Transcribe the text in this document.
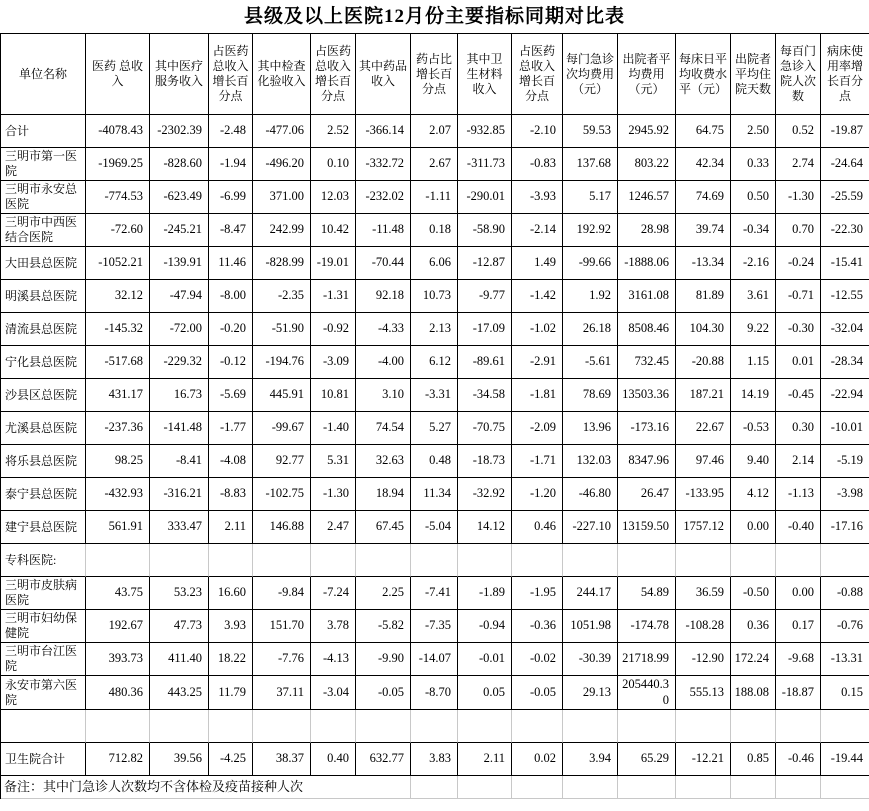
县级及以上医院12月份主要指标同期对比表
单位名称	医药 总收入	其中医疗服务收入	占医药总收入增长百分点	其中检查化验收入	占医药总收入增长百分点	其中药品收入	药占比增长百分点	其中卫生材料收入	占医药总收入增长百分点	每门急诊次均费用（元）	出院者平均费用（元）	每床日平均收费水平（元）	出院者平均住院天数	每百门急诊入院人次数	病床使用率增长百分点
合计	-4078.43	-2302.39	-2.48	-477.06	2.52	-366.14	2.07	-932.85	-2.10	59.53	2945.92	64.75	2.50	0.52	-19.87
三明市第一医院	-1969.25	-828.60	-1.94	-496.20	0.10	-332.72	2.67	-311.73	-0.83	137.68	803.22	42.34	0.33	2.74	-24.64
三明市永安总医院	-774.53	-623.49	-6.99	371.00	12.03	-232.02	-1.11	-290.01	-3.93	5.17	1246.57	74.69	0.50	-1.30	-25.59
三明市中西医结合医院	-72.60	-245.21	-8.47	242.99	10.42	-11.48	0.18	-58.90	-2.14	192.92	28.98	39.74	-0.34	0.70	-22.30
大田县总医院	-1052.21	-139.91	11.46	-828.99	-19.01	-70.44	6.06	-12.87	1.49	-99.66	-1888.06	-13.34	-2.16	-0.24	-15.41
明溪县总医院	32.12	-47.94	-8.00	-2.35	-1.31	92.18	10.73	-9.77	-1.42	1.92	3161.08	81.89	3.61	-0.71	-12.55
清流县总医院	-145.32	-72.00	-0.20	-51.90	-0.92	-4.33	2.13	-17.09	-1.02	26.18	8508.46	104.30	9.22	-0.30	-32.04
宁化县总医院	-517.68	-229.32	-0.12	-194.76	-3.09	-4.00	6.12	-89.61	-2.91	-5.61	732.45	-20.88	1.15	0.01	-28.34
沙县区总医院	431.17	16.73	-5.69	445.91	10.81	3.10	-3.31	-34.58	-1.81	78.69	13503.36	187.21	14.19	-0.45	-22.94
尤溪县总医院	-237.36	-141.48	-1.77	-99.67	-1.40	74.54	5.27	-70.75	-2.09	13.96	-173.16	22.67	-0.53	0.30	-10.01
将乐县总医院	98.25	-8.41	-4.08	92.77	5.31	32.63	0.48	-18.73	-1.71	132.03	8347.96	97.46	9.40	2.14	-5.19
泰宁县总医院	-432.93	-316.21	-8.83	-102.75	-1.30	18.94	11.34	-32.92	-1.20	-46.80	26.47	-133.95	4.12	-1.13	-3.98
建宁县总医院	561.91	333.47	2.11	146.88	2.47	67.45	-5.04	14.12	0.46	-227.10	13159.50	1757.12	0.00	-0.40	-17.16
专科医院:															
三明市皮肤病医院	43.75	53.23	16.60	-9.84	-7.24	2.25	-7.41	-1.89	-1.95	244.17	54.89	36.59	-0.50	0.00	-0.88
三明市妇幼保健院	192.67	47.73	3.93	151.70	3.78	-5.82	-7.35	-0.94	-0.36	1051.98	-174.78	-108.28	0.36	0.17	-0.76
三明市台江医院	393.73	411.40	18.22	-7.76	-4.13	-9.90	-14.07	-0.01	-0.02	-30.39	21718.99	-12.90	172.24	-9.68	-13.31
永安市第六医院	480.36	443.25	11.79	37.11	-3.04	-0.05	-8.70	0.05	-0.05	29.13	205440.30	555.13	188.08	-18.87	0.15

卫生院合计	712.82	39.56	-4.25	38.37	0.40	632.77	3.83	2.11	0.02	3.94	65.29	-12.21	0.85	-0.46	-19.44
备注：其中门急诊人次数均不含体检及疫苗接种人次															
